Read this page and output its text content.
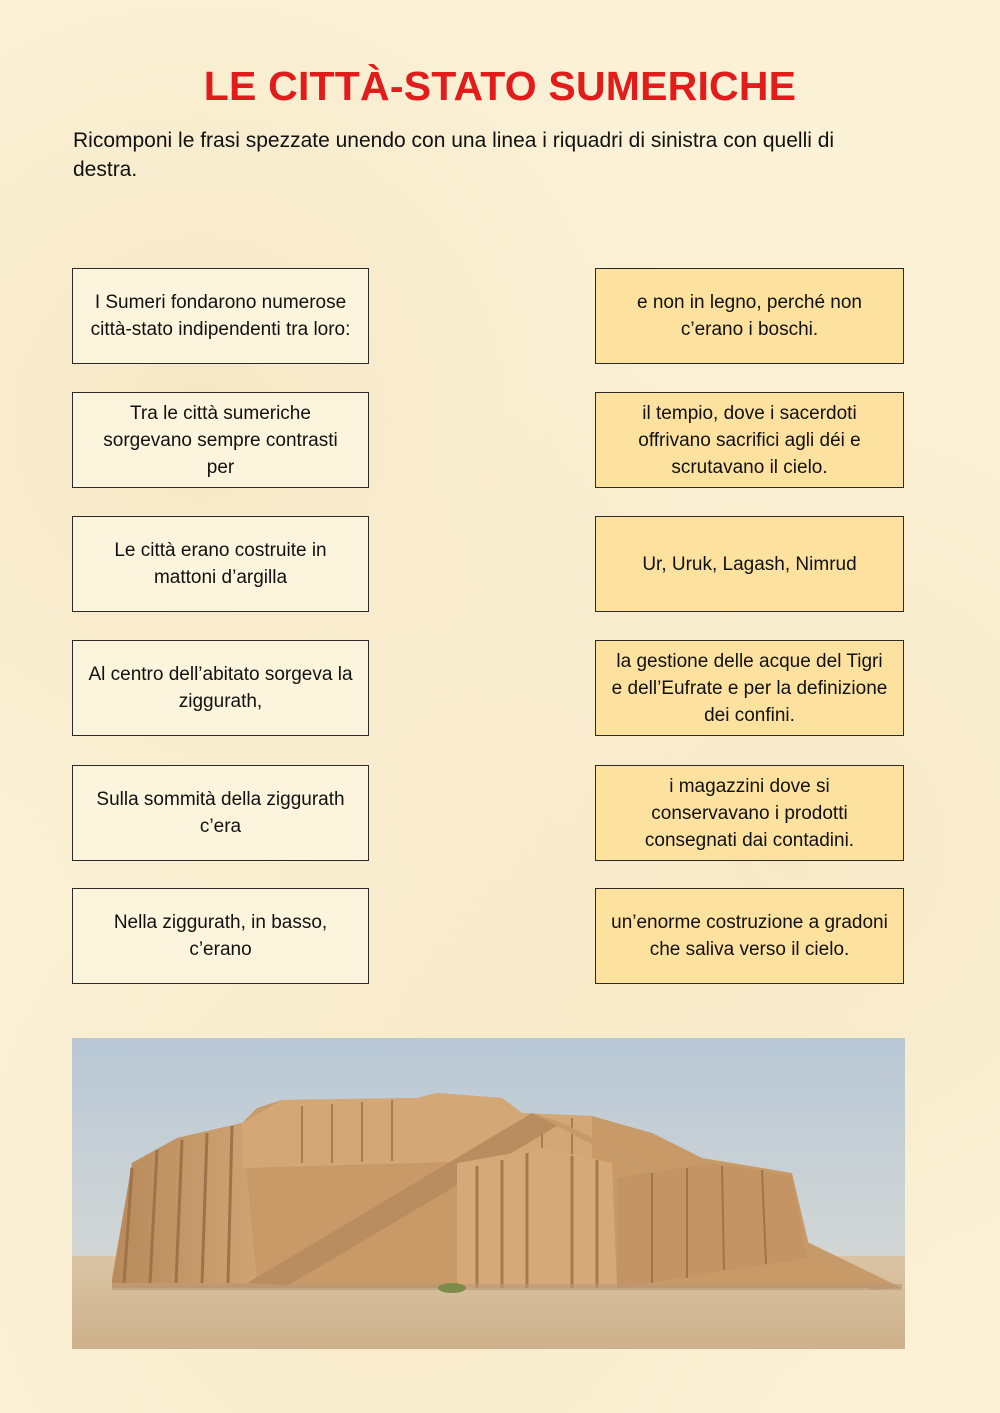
LE CITTÀ-STATO SUMERICHE
Ricomponi le frasi spezzate unendo con una linea i riquadri di sinistra con quelli di destra.
I Sumeri fondarono numerose città-stato indipendenti tra loro:
Tra le città sumeriche sorgevano sempre contrasti per
Le città erano costruite in mattoni d’argilla
Al centro dell’abitato sorgeva la ziggurath,
Sulla sommità della ziggurath c’era
Nella ziggurath, in basso, c’erano
e non in legno, perché non c’erano i boschi.
il tempio, dove i sacerdoti offrivano sacrifici agli déi e scrutavano il cielo.
Ur, Uruk, Lagash, Nimrud
la gestione delle acque del Tigri e dell’Eufrate e per la definizione dei confini.
i magazzini dove si conservavano i prodotti consegnati dai contadini.
un’enorme costruzione a gradoni che saliva verso il cielo.
